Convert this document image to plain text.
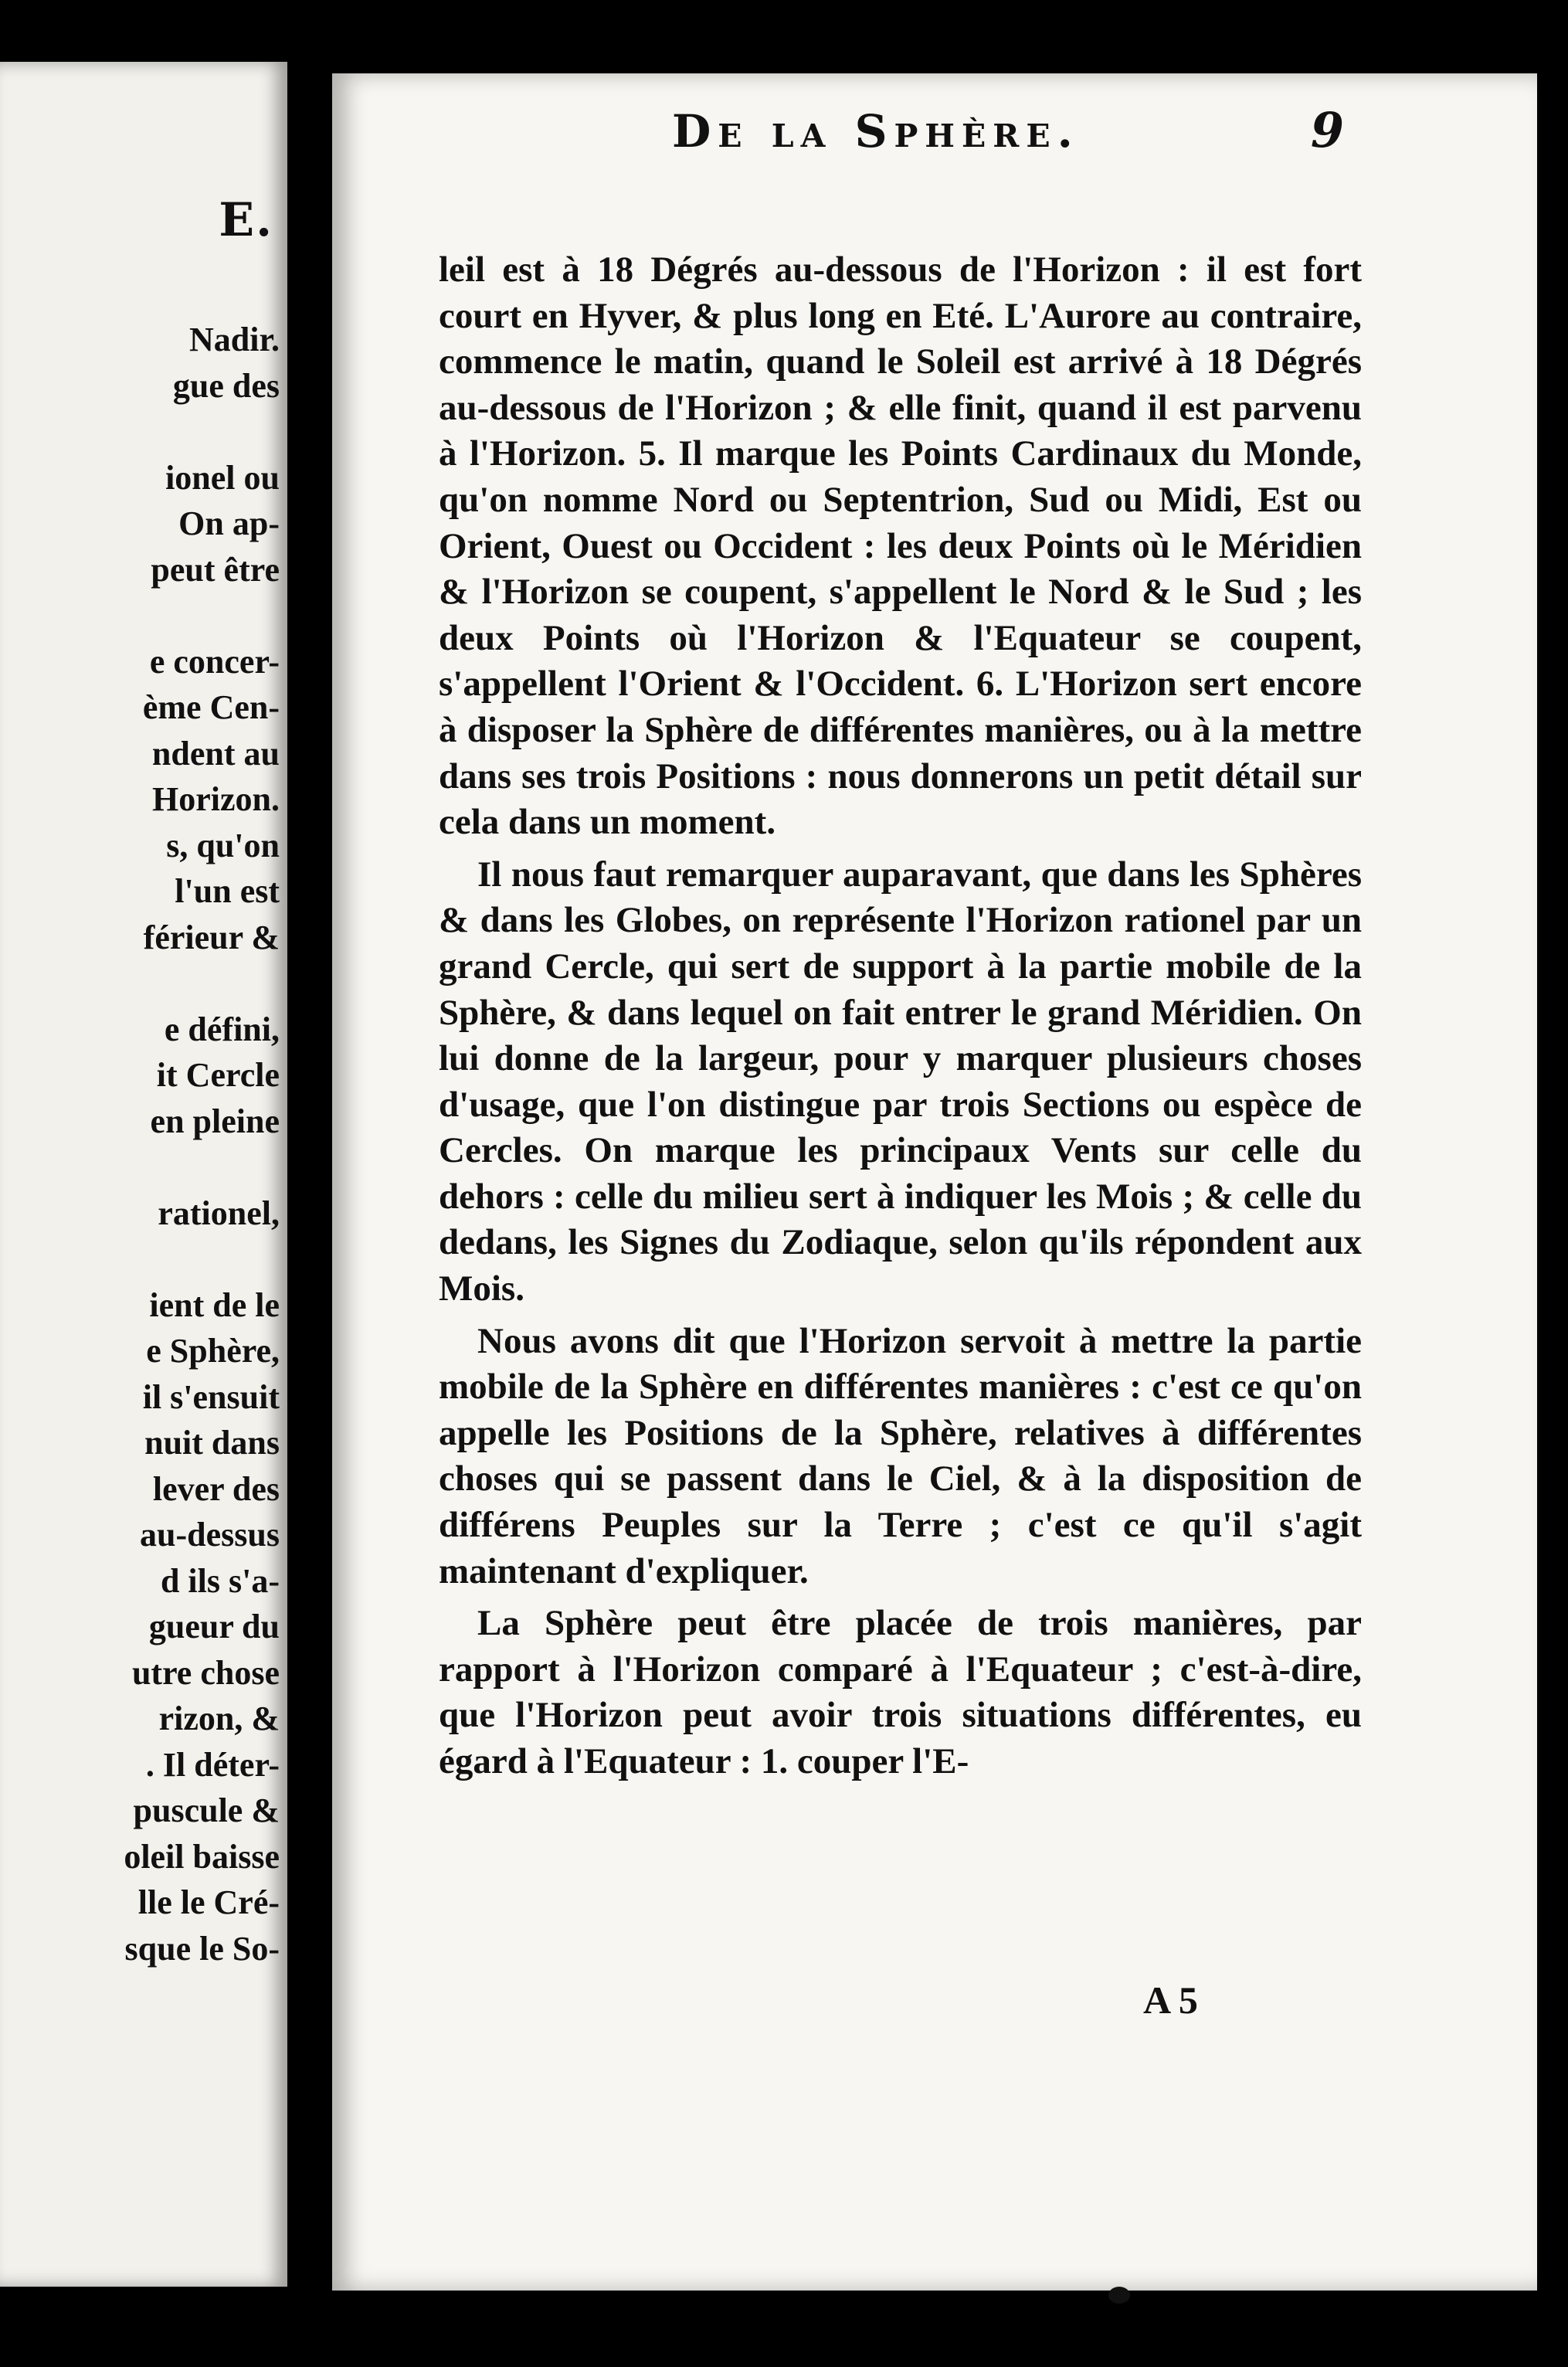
E.
Nadir.
gue des
ionel ou
On ap-
peut être
e concer-
ème Cen-
ndent au
Horizon.
s, qu'on
l'un est
férieur &
e défini,
it Cercle
en pleine
rationel,
ient de le
e Sphère,
il s'ensuit
nuit dans
lever des
au-dessus
d ils s'a-
gueur du
utre chose
rizon, &
. Il déter-
puscule &
oleil baisse
lle le Cré-
sque le So-
De la Sphère.	9

leil est à 18 Dégrés au-dessous de l'Horizon : il est fort court en Hyver, & plus long en Eté. L'Aurore au contraire, commence le matin, quand le Soleil est arrivé à 18 Dégrés au-dessous de l'Horizon ; & elle finit, quand il est parvenu à l'Horizon. 5. Il marque les Points Cardinaux du Monde, qu'on nomme Nord ou Septentrion, Sud ou Midi, Est ou Orient, Ouest ou Occident : les deux Points où le Méridien & l'Horizon se coupent, s'appellent le Nord & le Sud ; les deux Points où l'Horizon & l'Equateur se coupent, s'appellent l'Orient & l'Occident. 6. L'Horizon sert encore à disposer la Sphère de différentes manières, ou à la mettre dans ses trois Positions : nous donnerons un petit détail sur cela dans un moment.

Il nous faut remarquer auparavant, que dans les Sphères & dans les Globes, on représente l'Horizon rationel par un grand Cercle, qui sert de support à la partie mobile de la Sphère, & dans lequel on fait entrer le grand Méridien. On lui donne de la largeur, pour y marquer plusieurs choses d'usage, que l'on distingue par trois Sections ou espèce de Cercles. On marque les principaux Vents sur celle du dehors : celle du milieu sert à indiquer les Mois ; & celle du dedans, les Signes du Zodiaque, selon qu'ils répondent aux Mois.

Nous avons dit que l'Horizon servoit à mettre la partie mobile de la Sphère en différentes manières : c'est ce qu'on appelle les Positions de la Sphère, relatives à différentes choses qui se passent dans le Ciel, & à la disposition de différens Peuples sur la Terre ; c'est ce qu'il s'agit maintenant d'expliquer.

La Sphère peut être placée de trois manières, par rapport à l'Horizon comparé à l'Equateur ; c'est-à-dire, que l'Horizon peut avoir trois situations différentes, eu égard à l'Equateur : 1. couper l'E-

A 5
